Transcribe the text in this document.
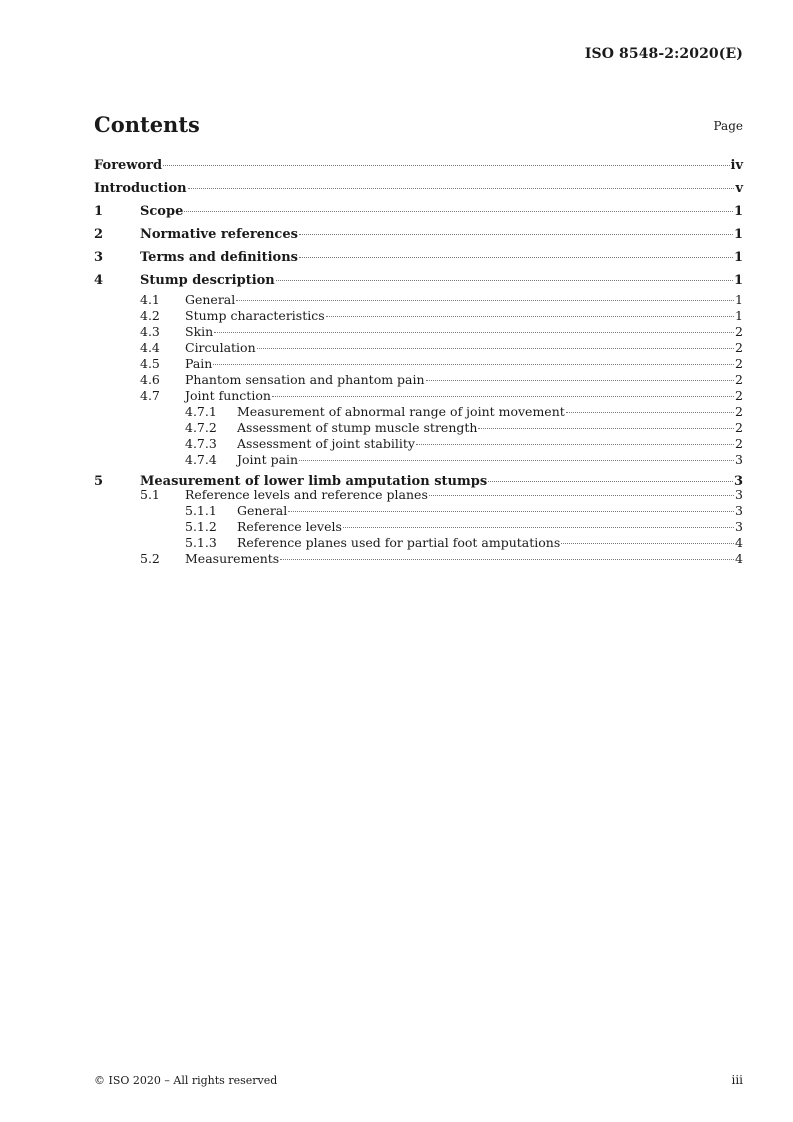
ISO 8548-2:2020(E)
Contents	Page
Foreword	iv
Introduction	v
1	Scope	1
2	Normative references	1
3	Terms and definitions	1
4	Stump description	1
4.1	General	1
4.2	Stump characteristics	1
4.3	Skin	2
4.4	Circulation	2
4.5	Pain	2
4.6	Phantom sensation and phantom pain	2
4.7	Joint function	2
4.7.1	Measurement of abnormal range of joint movement	2
4.7.2	Assessment of stump muscle strength	2
4.7.3	Assessment of joint stability	2
4.7.4	Joint pain	3
5	Measurement of lower limb amputation stumps	3
5.1	Reference levels and reference planes	3
5.1.1	General	3
5.1.2	Reference levels	3
5.1.3	Reference planes used for partial foot amputations	4
5.2	Measurements	4
© ISO 2020 – All rights reserved	iii
